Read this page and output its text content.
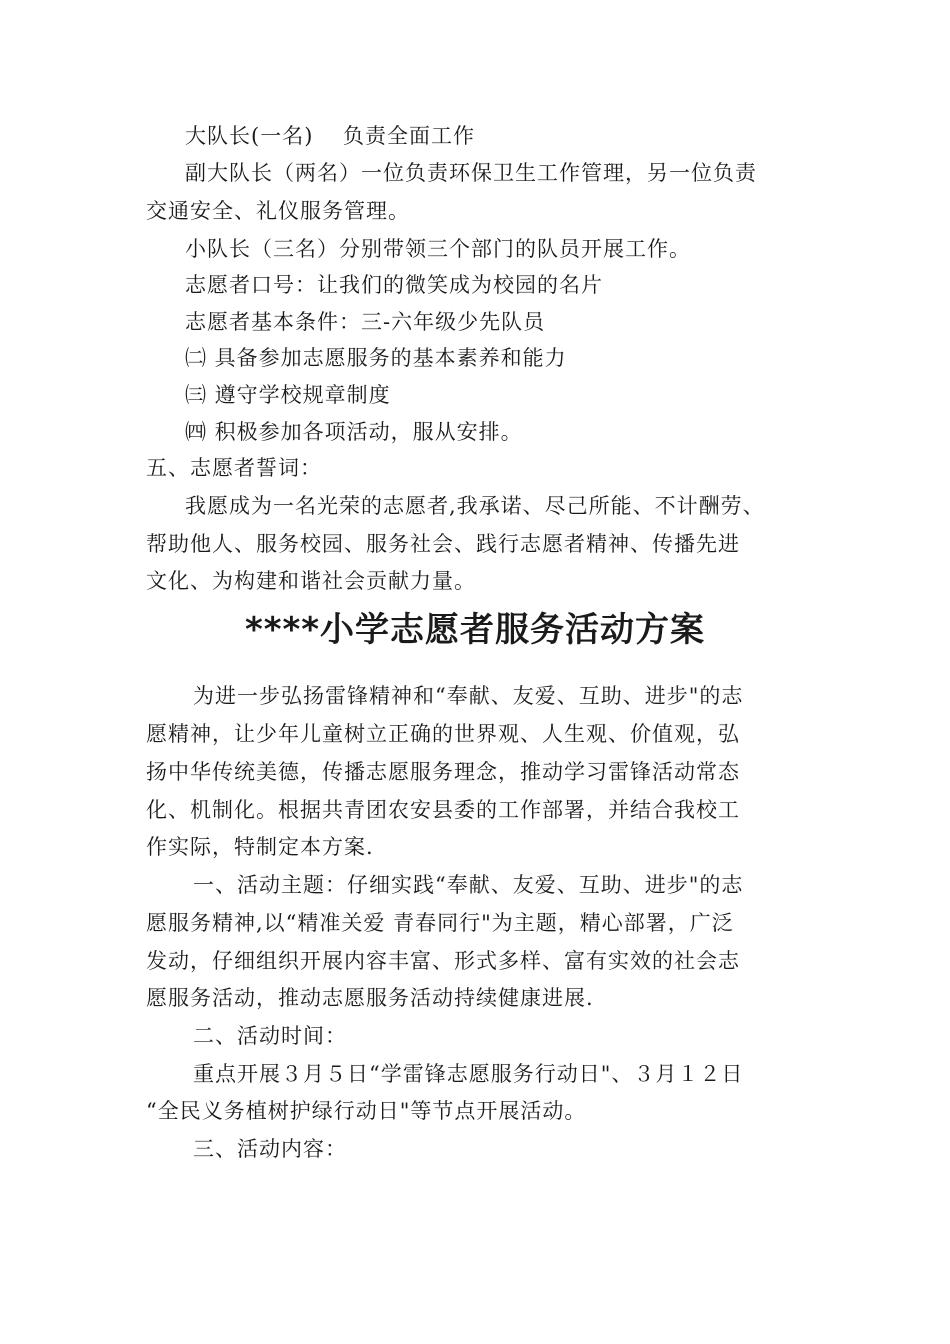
大队长(一名)　 负责全面工作
副大队长（两名）一位负责环保卫生工作管理，另一位负责
交通安全、礼仪服务管理。
小队长（三名）分别带领三个部门的队员开展工作。
志愿者口号：让我们的微笑成为校园的名片
志愿者基本条件：三-六年级少先队员
㈡ 具备参加志愿服务的基本素养和能力
㈢ 遵守学校规章制度
㈣ 积极参加各项活动，服从安排。
五、志愿者誓词：
我愿成为一名光荣的志愿者,我承诺、尽己所能、不计酬劳、
帮助他人、服务校园、服务社会、践行志愿者精神、传播先进
文化、为构建和谐社会贡献力量。
****小学志愿者服务活动方案
为进一步弘扬雷锋精神和“奉献、友爱、互助、进步"的志
愿精神，让少年儿童树立正确的世界观、人生观、价值观，弘
扬中华传统美德，传播志愿服务理念，推动学习雷锋活动常态
化、机制化。根据共青团农安县委的工作部署，并结合我校工
作实际，特制定本方案.
一、活动主题：仔细实践“奉献、友爱、互助、进步"的志
愿服务精神,以“精准关爱 青春同行"为主题，精心部署，广泛
发动，仔细组织开展内容丰富、形式多样、富有实效的社会志
愿服务活动，推动志愿服务活动持续健康进展.
二、活动时间：
重点开展３月５日“学雷锋志愿服务行动日"、３月１２日
“全民义务植树护绿行动日"等节点开展活动。
三、活动内容：
